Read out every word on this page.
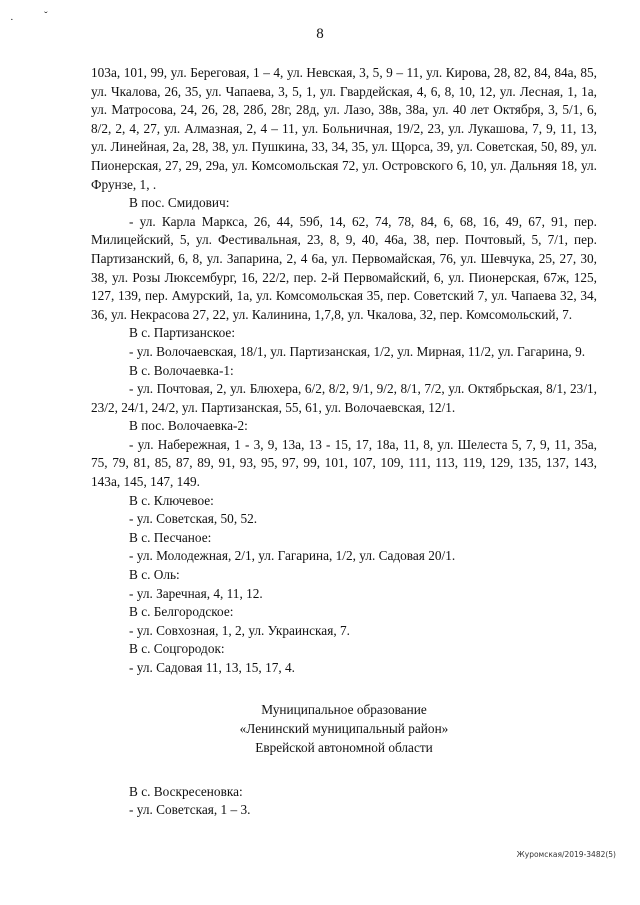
·	ˇ
8

103а, 101, 99, ул. Береговая, 1 – 4, ул. Невская, 3, 5, 9 – 11, ул. Кирова, 28, 82, 84, 84а, 85, ул. Чкалова, 26, 35, ул. Чапаева, 3, 5, 1, ул. Гвардейская, 4, 6, 8, 10, 12, ул. Лесная, 1, 1а, ул. Матросова, 24, 26, 28, 28б, 28г, 28д, ул. Лазо, 38в, 38а, ул. 40 лет Октября, 3, 5/1, 6, 8/2, 2, 4, 27, ул. Алмазная, 2, 4 – 11, ул. Больничная, 19/2, 23, ул. Лукашова, 7, 9, 11, 13, ул. Линейная, 2а, 28, 38, ул. Пушкина, 33, 34, 35, ул. Щорса, 39, ул. Советская, 50, 89, ул. Пионерская, 27, 29, 29а, ул. Комсомольская 72, ул. Островского 6, 10, ул. Дальняя 18, ул. Фрунзе, 1, .

В пос. Смидович:

- ул. Карла Маркса, 26, 44, 59б, 14, 62, 74, 78, 84, 6, 68, 16, 49, 67, 91, пер. Милицейский, 5, ул. Фестивальная, 23, 8, 9, 40, 46а, 38, пер. Почтовый, 5, 7/1, пер. Партизанский, 6, 8, ул. Запарина, 2, 4 6а, ул. Первомайская, 76, ул. Шевчука, 25, 27, 30, 38, ул. Розы Люксембург, 16, 22/2, пер. 2-й Первомайский, 6, ул. Пионерская, 67ж, 125, 127, 139, пер. Амурский, 1а, ул. Комсомольская 35, пер. Советский 7, ул. Чапаева 32, 34, 36, ул. Некрасова 27, 22, ул. Калинина, 1,7,8, ул. Чкалова, 32, пер. Комсомольский, 7.

В с. Партизанское:

- ул. Волочаевская, 18/1, ул. Партизанская, 1/2, ул. Мирная, 11/2, ул. Гагарина, 9.

В с. Волочаевка-1:

- ул. Почтовая, 2, ул. Блюхера, 6/2, 8/2, 9/1, 9/2, 8/1, 7/2, ул. Октябрьская, 8/1, 23/1, 23/2, 24/1, 24/2, ул. Партизанская, 55, 61, ул. Волочаевская, 12/1.

В пос. Волочаевка-2:

- ул. Набережная, 1 - 3, 9, 13а, 13 - 15, 17, 18а, 11, 8, ул. Шелеста 5, 7, 9, 11, 35а, 75, 79, 81, 85, 87, 89, 91, 93, 95, 97, 99, 101, 107, 109, 111, 113, 119, 129, 135, 137, 143, 143а, 145, 147, 149.

В с. Ключевое:

- ул. Советская, 50, 52.

В с. Песчаное:

- ул. Молодежная, 2/1, ул. Гагарина, 1/2, ул. Садовая 20/1.

В с. Оль:

- ул. Заречная, 4, 11, 12.

В с. Белгородское:

- ул. Совхозная, 1, 2, ул. Украинская, 7.

В с. Соцгородок:

- ул. Садовая 11, 13, 15, 17, 4.

Муниципальное образование
«Ленинский муниципальный район»
Еврейской автономной области

В с. Воскресеновка:

- ул. Советская, 1 – 3.

Журомская/2019-3482(5)
